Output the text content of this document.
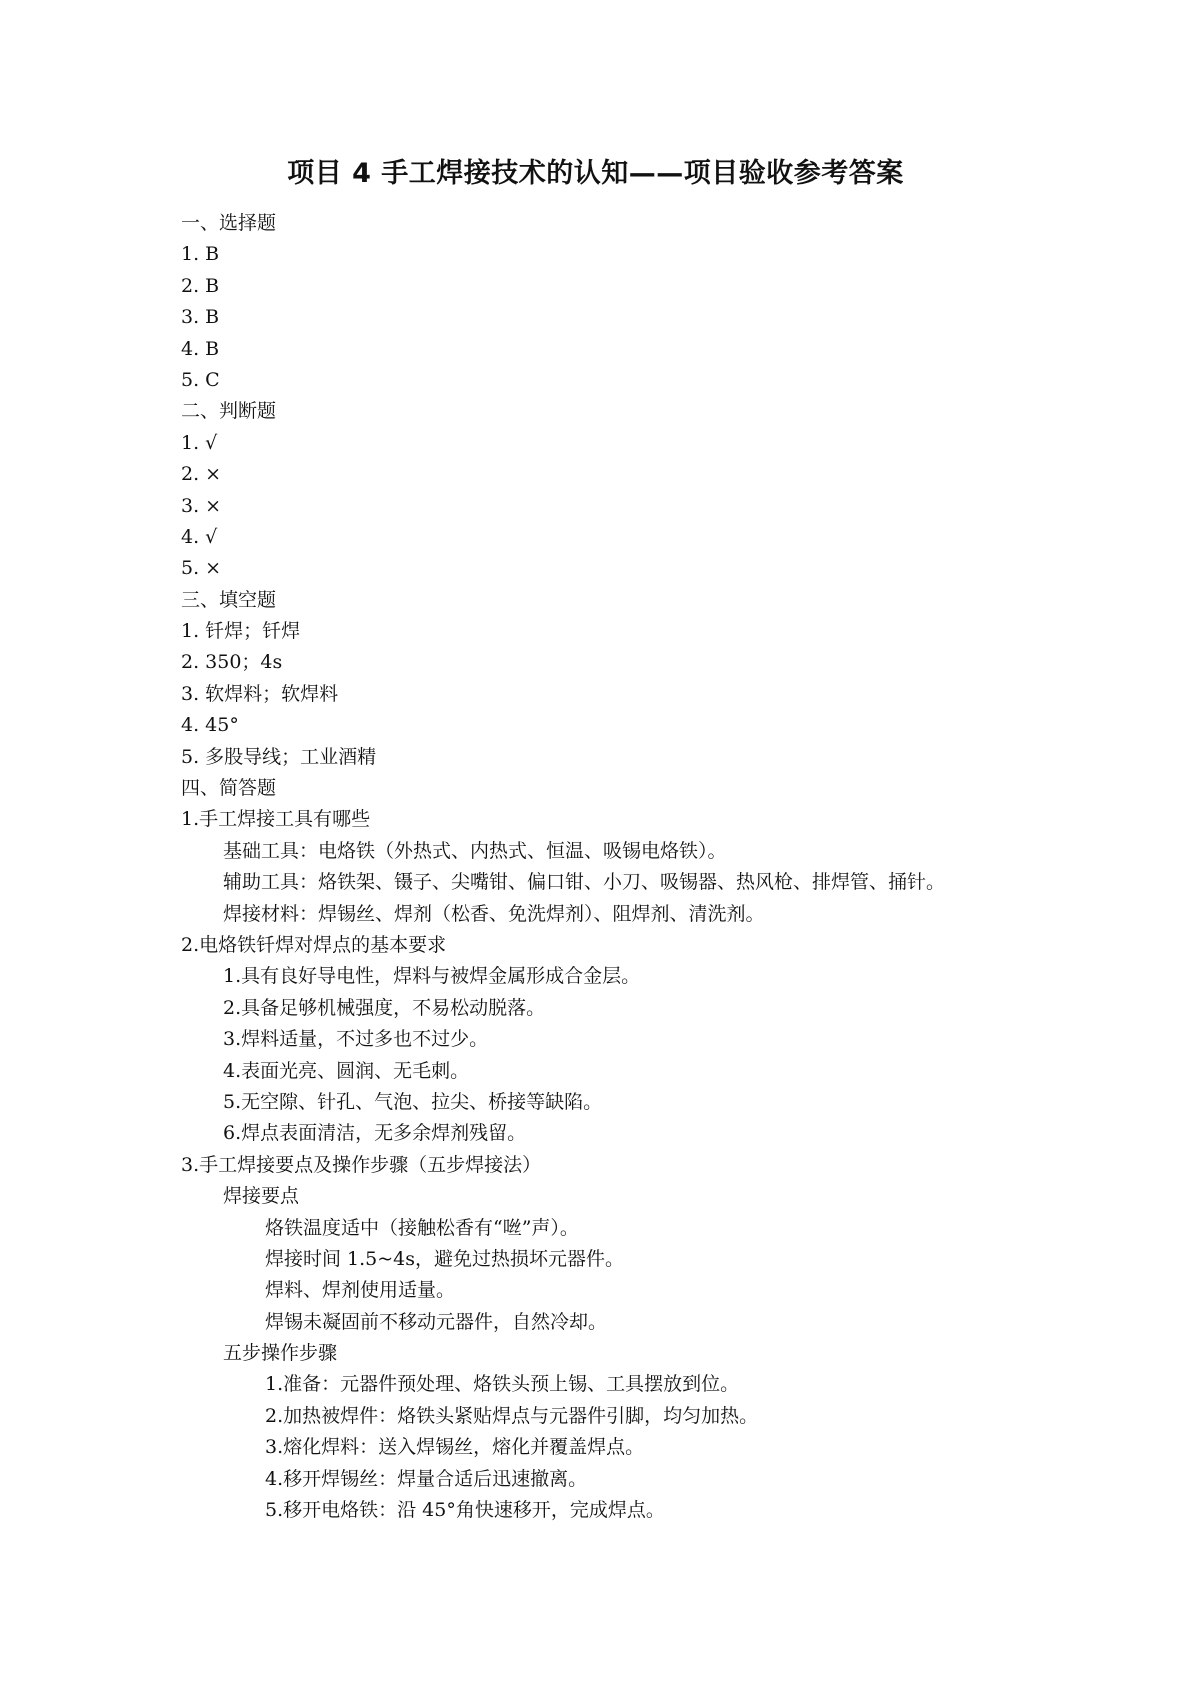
项目 4 手工焊接技术的认知——项目验收参考答案
一、选择题
1. B
2. B
3. B
4. B
5. C
二、判断题
1. √
2. ×
3. ×
4. √
5. ×
三、填空题
1. 钎焊；钎焊
2. 350；4s
3. 软焊料；软焊料
4. 45°
5. 多股导线；工业酒精
四、简答题
1.手工焊接工具有哪些
基础工具：电烙铁（外热式、内热式、恒温、吸锡电烙铁）。
辅助工具：烙铁架、镊子、尖嘴钳、偏口钳、小刀、吸锡器、热风枪、排焊管、捅针。
焊接材料：焊锡丝、焊剂（松香、免洗焊剂）、阻焊剂、清洗剂。
2.电烙铁钎焊对焊点的基本要求
1.具有良好导电性，焊料与被焊金属形成合金层。
2.具备足够机械强度，不易松动脱落。
3.焊料适量，不过多也不过少。
4.表面光亮、圆润、无毛刺。
5.无空隙、针孔、气泡、拉尖、桥接等缺陷。
6.焊点表面清洁，无多余焊剂残留。
3.手工焊接要点及操作步骤（五步焊接法）
焊接要点
烙铁温度适中（接触松香有“咝”声）。
焊接时间 1.5~4s，避免过热损坏元器件。
焊料、焊剂使用适量。
焊锡未凝固前不移动元器件，自然冷却。
五步操作步骤
1.准备：元器件预处理、烙铁头预上锡、工具摆放到位。
2.加热被焊件：烙铁头紧贴焊点与元器件引脚，均匀加热。
3.熔化焊料：送入焊锡丝，熔化并覆盖焊点。
4.移开焊锡丝：焊量合适后迅速撤离。
5.移开电烙铁：沿 45°角快速移开，完成焊点。
